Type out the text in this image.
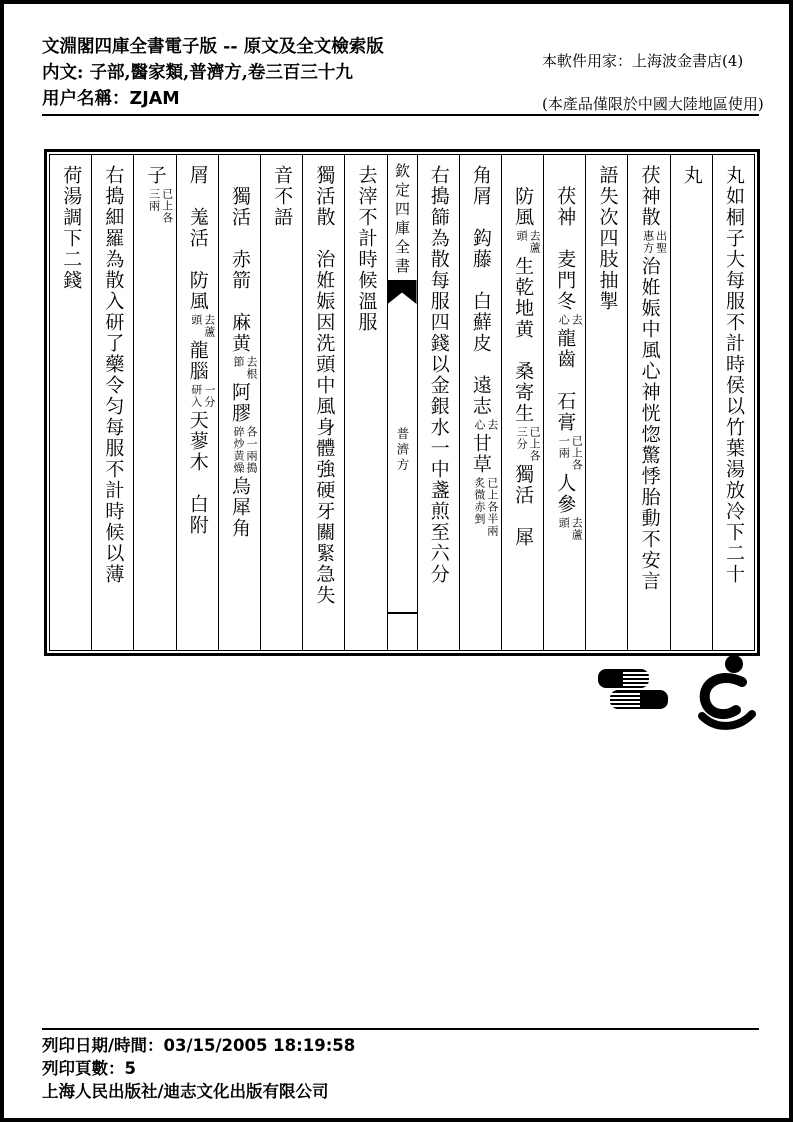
文淵閣四庫全書電子版 -- 原文及全文檢索版
内文: 子部,醫家類,普濟方,卷三百三十九
用户名稱：ZJAM
本軟件用家：上海波金書店(4)
(本產品僅限於中國大陸地區使用)
丸如桐子大每服不計時侯以竹葉湯放冷下二十
丸
茯神散
出聖
惠方
治姙娠中風心神恍惚驚悸胎動不安言
語失次四肢抽掣
　茯神　麦門冬
去
心
龍齒　石膏
已上各
一兩
人參
去蘆
頭
　防風
去蘆
頭
生乾地黄　桑寄生
已上各
三分
獨活　犀
角屑　鈎藤　白蘚皮　遠志
去
心
甘草
已上各半兩
炙微赤剉
右搗篩為散每服四錢以金銀水一中盞煎至六分
欽定四庫全書
普濟方
去滓不計時候溫服
獨活散　治姙娠因洗頭中風身體強硬牙關緊急失
音不語
　獨活　赤箭　麻黄
去根
節
阿膠
各一兩搗
碎炒黄燥
烏犀角
屑　羗活　防風
去蘆
頭
龍腦
一分
研入
天蓼木　白附
子
已上各
三兩
右搗細羅為散入研了藥令匀每服不計時候以薄
荷湯調下二錢
列印日期/時間：03/15/2005 18:19:58
列印頁數：5
上海人民出版社/迪志文化出版有限公司
